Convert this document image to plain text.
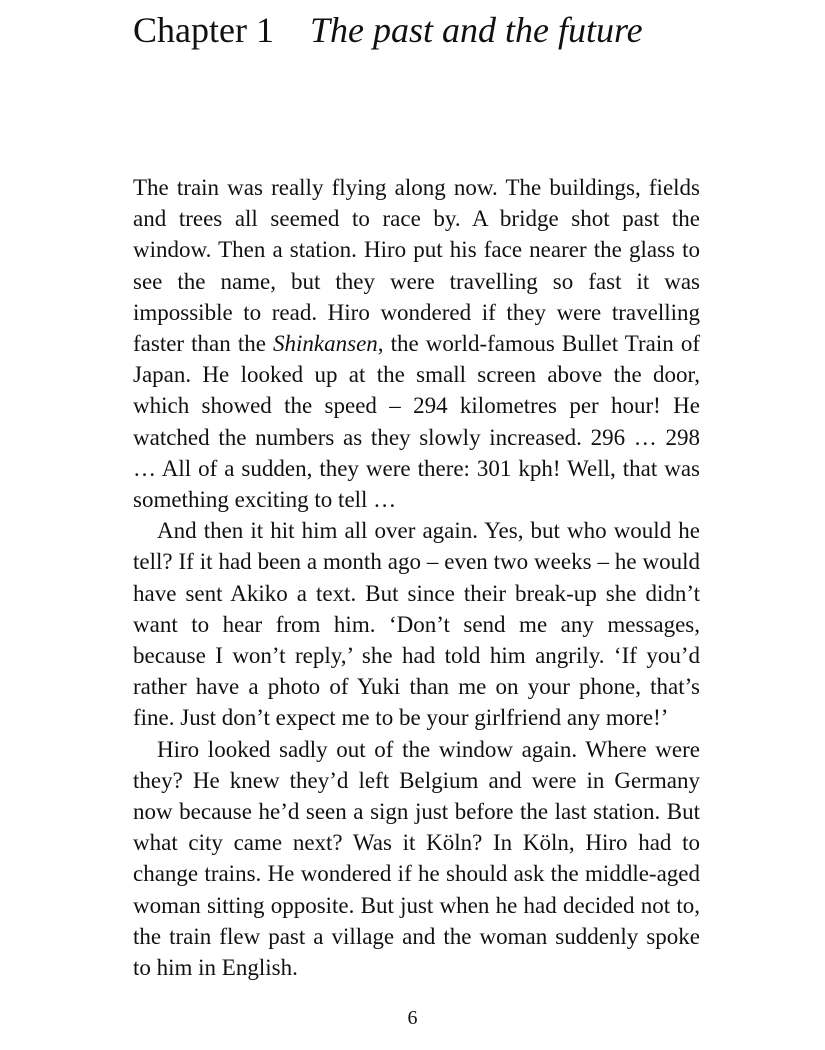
Chapter 1 The past and the future

The train was really flying along now. The buildings, fields and trees all seemed to race by. A bridge shot past the window. Then a station. Hiro put his face nearer the glass to see the name, but they were travelling so fast it was impossible to read. Hiro wondered if they were travelling faster than the Shinkansen, the world-famous Bullet Train of Japan. He looked up at the small screen above the door, which showed the speed – 294 kilometres per hour! He watched the numbers as they slowly increased. 296 … 298 … All of a sudden, they were there: 301 kph! Well, that was something exciting to tell …

And then it hit him all over again. Yes, but who would he tell? If it had been a month ago – even two weeks – he would have sent Akiko a text. But since their break-up she didn’t want to hear from him. ‘Don’t send me any messages, because I won’t reply,’ she had told him angrily. ‘If you’d rather have a photo of Yuki than me on your phone, that’s fine. Just don’t expect me to be your girlfriend any more!’

Hiro looked sadly out of the window again. Where were they? He knew they’d left Belgium and were in Germany now because he’d seen a sign just before the last station. But what city came next? Was it Köln? In Köln, Hiro had to change trains. He wondered if he should ask the middle-aged woman sitting opposite. But just when he had decided not to, the train flew past a village and the woman suddenly spoke to him in English.

6
